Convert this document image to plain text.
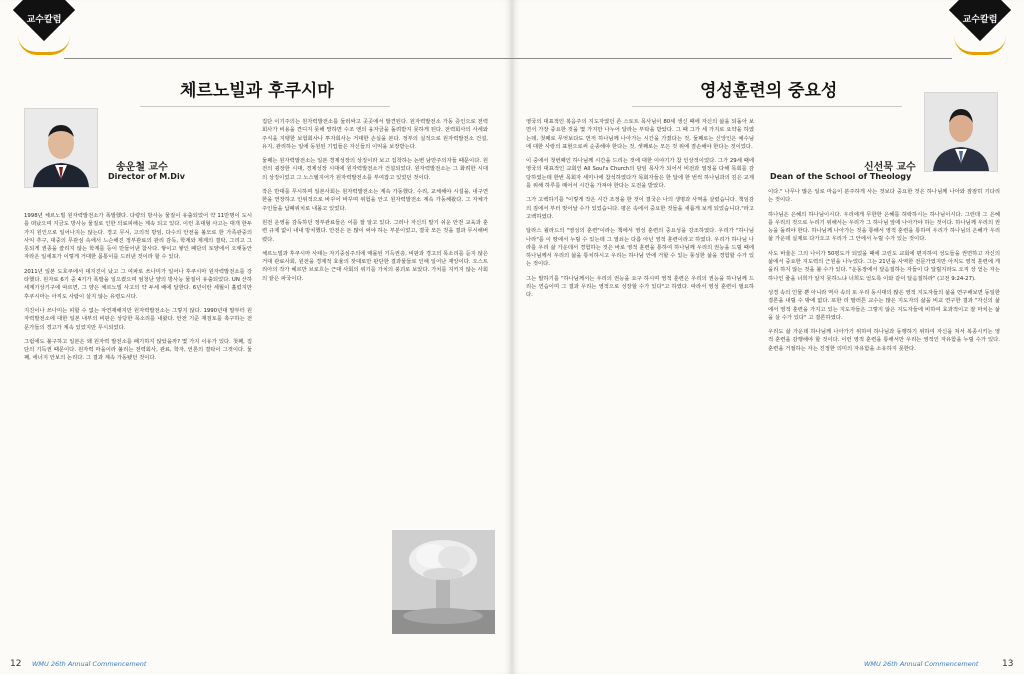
교수칼럼
체르노빌과 후쿠시마
송운철 교수
Director of M.Div

1998년 체르노빌 원자력발전소가 폭발했다. 다량의 방사능 물질이 유출되었어 약 11만명이 도시를 떠났으며 지금도 방사능 물질로 인한 의료피해는 계속 되고 있다. 이런 초대형 사고는 대개 한두 가지 원인으로 일어나지는 않는다. 경고 무시, 고의적 방임, 다수의 안전을 볼모로 한 가족관중의 사익 추구, 대중의 무관심 속에서 느슨해진 정부관료의 관리 감독, 학계와 제계의 결탁, 그리고 그릇되게 권종을 쓸리지 않는 학계를 등이 만들어낸 참사다. 쌓이고 쌓인 폐단의 토양에서 오랫동안 자라온 일세포가 이렇게 거대한 몸통이를 드러낸 것이라 할 수 있다.

2011년 일본 도호쿠에서 대지진이 났고 그 여파로 쓰나미가 일어나 후쿠시마 원자력발전소를 강타했다. 원자로 6기 중 4기가 폭발을 일으켰으며 엄청난 양의 방사능 물질이 유출되었다. UN 산하 세계기상기구에 따르면, 그 양은 체르노빌 사고의 약 두세 배에 달한다. 6년이란 세월이 흘렀지만 후쿠시마는 아직도 사람이 살지 않는 유령도시다.

지진이나 쓰나미는 피할 수 없는 자연재해지만 원자력발전소는 그렇지 않다. 1990년대 말부터 원자력발전소에 대한 일본 내부의 비판은 상당한 목소리를 내왔다. 안전 기준 재검토를 촉구하는 전문가들의 경고가 계속 있었지만 무시되었다.

그럼에도 불구하고 일본은 왜 원자력 발전소를 폐기하지 않았을까? 몇 가지 이유가 있다. 첫째, 집단의 기득권 때문이다. 원자력 마을이라 불리는 전력회사, 관료, 학자, 언론의 결탁이 그것이다. 둘째, 에너지 안보의 논리다. 그 결과 계속 가동됐던 것이다.

집단 이기주의는 원자력발전소를 둘러싸고 곳곳에서 발견된다. 원자력발전소 가동 증인으로 전력회사가 비용을 견디지 못해 망하면 수조 엔의 융자금을 돌려받지 못하게 된다. 전력회사의 사세와 주식을 지탱한 보험회사나 투자회사는 거대한 손실을 본다. 정부의 실적으로 원자력발전소 건설, 유지, 관리하는 일에 동원된 기업들은 자신들의 이익을 보장받는다.

둘째는 원자력발전소는 일본 경제성장의 상징이라 보고 집착하는 논변 남만주의자들 때문이다. 원전의 굉장한 시대, 경제성장 시대에 원자력발전소가 건설되었다. 원자력발전소는 그 화려한 시대의 상징이었고 그 노스텔지어가 원자력발전소를 부여잡고 있었던 것이다.

작은 반대를 무시하며 일본사회는 원자력발전소는 계속 가동했다. 수리, 교체해야 시설을, 내구연한을 연장하고 인위적으로 바꾸어 바꾸며 위험을 안고 원자력발전소 계속 가동해왔다. 그 자체가 주인들을 납폐위치로 내몰고 있었다.

원전 운영을 감독하던 정부관료들은 이를 잘 알고 있다. 그러나 자신의 말기 쉬운 안전 교육과 훈련 규제 없이 내내 방치했다. 안전은 돈 많이 써야 하는 부분이었고, 결국 모든 것을 결과 무시해버렸다.

체르노빌과 후쿠시마 사태는 자기중심주의에 매몰된 기득권층, 비판과 경고의 목소리를 듣지 않은 거대 관료사회, 원전을 경제적 효율의 잣대로만 판단한 결과물들로 인해 일어난 재앙이다. 오스트리아의 작가 헤르만 브로흐는 근대 사회의 위기를 가치의 붕괴로 보았다. 가치를 지키지 않는 사회의 끝은 파국이다.

12 WMU 26th Annual Commencement
교수칼럼
영성훈련의 중요성
신선묵 교수
Dean of the School of Theology

영국의 대표적인 복음주의 지도자였던 존 스토트 목사님이 80세 생신 때에 자신의 삶을 되돌아 보면서 가장 중요한 것을 몇 가지만 나누어 달라는 부탁을 받았다. 그 때 그가 세 가지로 요약을 하였는데, 첫째로 무엇보다도 먼저 하나님께 나아가는 시간을 가졌다는 것, 둘째로는 신앙인은 예수님에 대한 사랑의 표현으로써 순종해야 한다는 것, 셋째로는 모든 것 위에 겸손해야 한다는 것이었다.

이 중에서 첫번째인 하나님께 시간을 드리는 것에 대한 이야기가 참 인상적이었다. 그가 29세 때에 영국의 대표적인 교회인 All Soul's Church의 담임 목사가 되어서 비전과 열정을 다해 목회를 감당하였는데 한번 목회자 세미나에 참석하였다가 목회자들은 한 달에 한 번씩 하나님과의 깊은 교제를 위해 하루를 떼어서 시간을 가져야 한다는 도전을 받았다.

그가 고백하기를 "이렇게 작은 시간 조정을 한 것이 결국은 나의 생명과 사역을 살렸습니다. 책임감의 짐에서 부터 벗어날 수가 있었습니다. 평온 속에서 중요한 것들을 새롭게 보게 되었습니다."라고 고백하였다.

달라스 윌라드의 "영성의 훈련"이라는 책에서 영성 훈련의 중요성을 강조하였다. 우리가 "하나님 나라"를 이 땅에서 누릴 수 있는데 그 열쇠는 다름 아닌 영적 훈련이라고 하였다. 우리가 하나님 나라를 우리 삶 가운데서 경험하는 것은 바로 영적 훈련을 통하여 하나님께 우리의 권능을 드릴 때에 하나님께서 우리의 삶을 통치하시고 우리는 하나님 안에 거할 수 있는 풍성한 삶을 경험할 수가 있는 것이다.

그는 말하기를 "하나님께서는 우리의 권능을 요구 하시며 영적 훈련은 우리의 권능을 하나님께 드리는 연습이며 그 결과 우리는 영적으로 성장할 수가 있다"고 하였다. 따라서 영성 훈련이 필요하다.

이다." 나무나 많은 일로 마음이 분주하게 사는 것보다 중요한 것은 하나님께 나아와 잠잠히 기다리는 것이다.

하나님은 은혜의 하나님이시다. 우리에게 무한한 은혜를 허락하시는 하나님이시다. 그런데 그 은혜를 우리의 것으로 누리기 위해서는 우리가 그 하나님 앞에 나아가야 하는 것이다. 하나님께 우리의 권능을 돌려야 한다. 하나님께 나아가는 것을 통해서 영적 훈련을 통하여 우리가 하나님의 은혜가 우리 삶 가운데 실제로 다가오고 우리가 그 안에서 누릴 수가 있는 것이다.

사도 바울은 그의 나이가 50평도가 되었을 때에 고린도 교회에 편지하여 성도들을 권면하고 자신의 삶에서 중요한 지도력의 근원을 나누었다. 그는 21년을 사역한 전문가였지만 아직도 영적 훈련에 게을리 하지 않는 것을 볼 수가 있다. "운동장에서 달음질하는 자들이 다 달릴지라도 오직 상 얻는 자는 하나인 줄을 너희가 알지 못하느냐 너희도 얻도록 이와 같이 달음질하라" (고전 9:24-27).

성경 속의 인물 뿐 아니라 역사 속의 또 우리 동시대의 많은 영적 지도자들의 삶을 연구해보면 동일한 결론을 내릴 수 밖에 없다. 또한 리 팔러튼 교수는 많은 지도자의 삶을 비교 연구한 결과 "자신의 삶에서 영적 훈련을 가지고 있는 지도자들은 그렇지 않은 지도자들에 비하여 효과적이고 잘 마치는 삶을 살 수가 있다" 고 결론하였다.

우리도 삶 가운데 하나님께 나아가기 위하여 하나님과 동행하기 위하여 자신을 쳐서 복종시키는 영적 훈련을 감행해야 할 것이다. 이런 영적 훈련을 통해서만 우리는 영적인 자유함을 누릴 수가 있다. 훈련을 거절하는 자는 진정한 의미의 자유함을 소유하지 못한다.

WMU 26th Annual Commencement	13
